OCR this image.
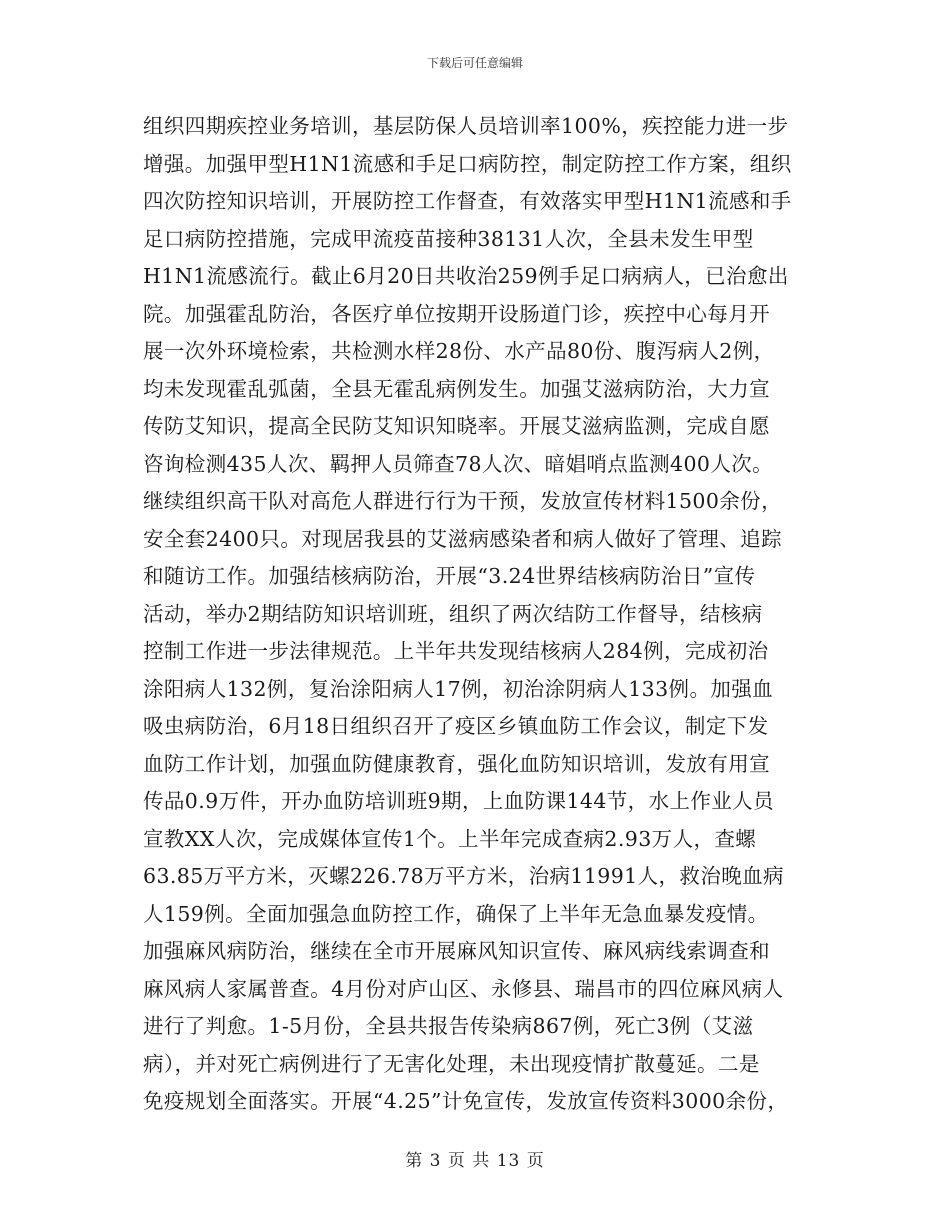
下载后可任意编辑
组织四期疾控业务培训，基层防保人员培训率100%，疾控能力进一步
增强。加强甲型H1N1流感和手足口病防控，制定防控工作方案，组织
四次防控知识培训，开展防控工作督查，有效落实甲型H1N1流感和手
足口病防控措施，完成甲流疫苗接种38131人次，全县未发生甲型
H1N1流感流行。截止6月20日共收治259例手足口病病人，已治愈出
院。加强霍乱防治，各医疗单位按期开设肠道门诊，疾控中心每月开
展一次外环境检索，共检测水样28份、水产品80份、腹泻病人2例，
均未发现霍乱弧菌，全县无霍乱病例发生。加强艾滋病防治，大力宣
传防艾知识，提高全民防艾知识知晓率。开展艾滋病监测，完成自愿
咨询检测435人次、羁押人员筛查78人次、暗娼哨点监测400人次。
继续组织高干队对高危人群进行行为干预，发放宣传材料1500余份，
安全套2400只。对现居我县的艾滋病感染者和病人做好了管理、追踪
和随访工作。加强结核病防治，开展“3.24世界结核病防治日”宣传
活动，举办2期结防知识培训班，组织了两次结防工作督导，结核病
控制工作进一步法律规范。上半年共发现结核病人284例，完成初治
涂阳病人132例，复治涂阳病人17例，初治涂阴病人133例。加强血
吸虫病防治，6月18日组织召开了疫区乡镇血防工作会议，制定下发
血防工作计划，加强血防健康教育，强化血防知识培训，发放有用宣
传品0.9万件，开办血防培训班9期，上血防课144节，水上作业人员
宣教XX人次，完成媒体宣传1个。上半年完成查病2.93万人，查螺
63.85万平方米，灭螺226.78万平方米，治病11991人，救治晚血病
人159例。全面加强急血防控工作，确保了上半年无急血暴发疫情。
加强麻风病防治，继续在全市开展麻风知识宣传、麻风病线索调查和
麻风病人家属普查。4月份对庐山区、永修县、瑞昌市的四位麻风病人
进行了判愈。1-5月份，全县共报告传染病867例，死亡3例（艾滋
病），并对死亡病例进行了无害化处理，未出现疫情扩散蔓延。二是
免疫规划全面落实。开展“4.25”计免宣传，发放宣传资料3000余份，
第 3 页 共 13 页
